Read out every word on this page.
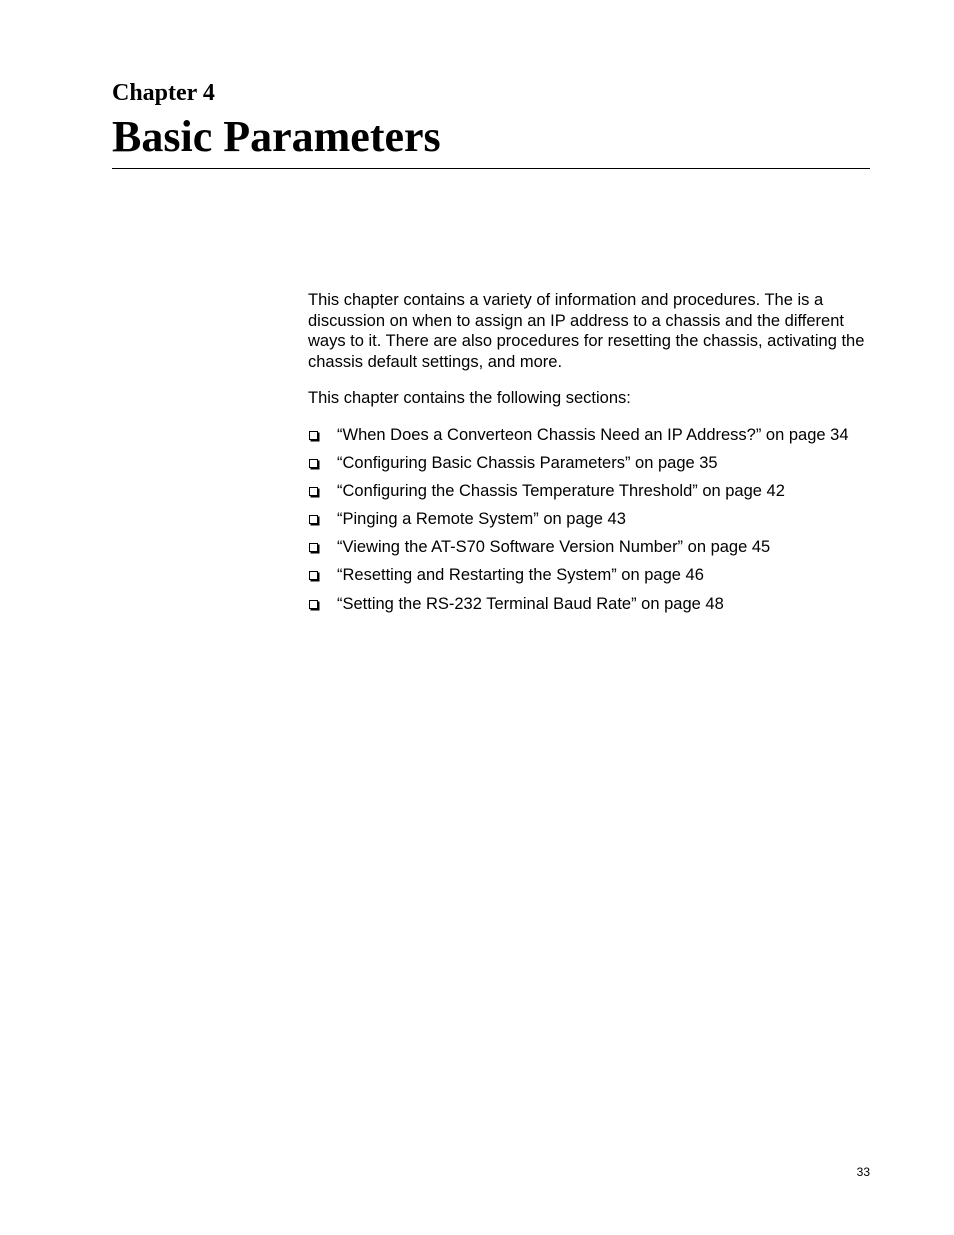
Chapter 4
Basic Parameters

This chapter contains a variety of information and procedures. The is a discussion on when to assign an IP address to a chassis and the different ways to it. There are also procedures for resetting the chassis, activating the chassis default settings, and more.

This chapter contains the following sections:

“When Does a Converteon Chassis Need an IP Address?” on page 34
“Configuring Basic Chassis Parameters” on page 35
“Configuring the Chassis Temperature Threshold” on page 42
“Pinging a Remote System” on page 43
“Viewing the AT-S70 Software Version Number” on page 45
“Resetting and Restarting the System” on page 46
“Setting the RS-232 Terminal Baud Rate” on page 48
33
